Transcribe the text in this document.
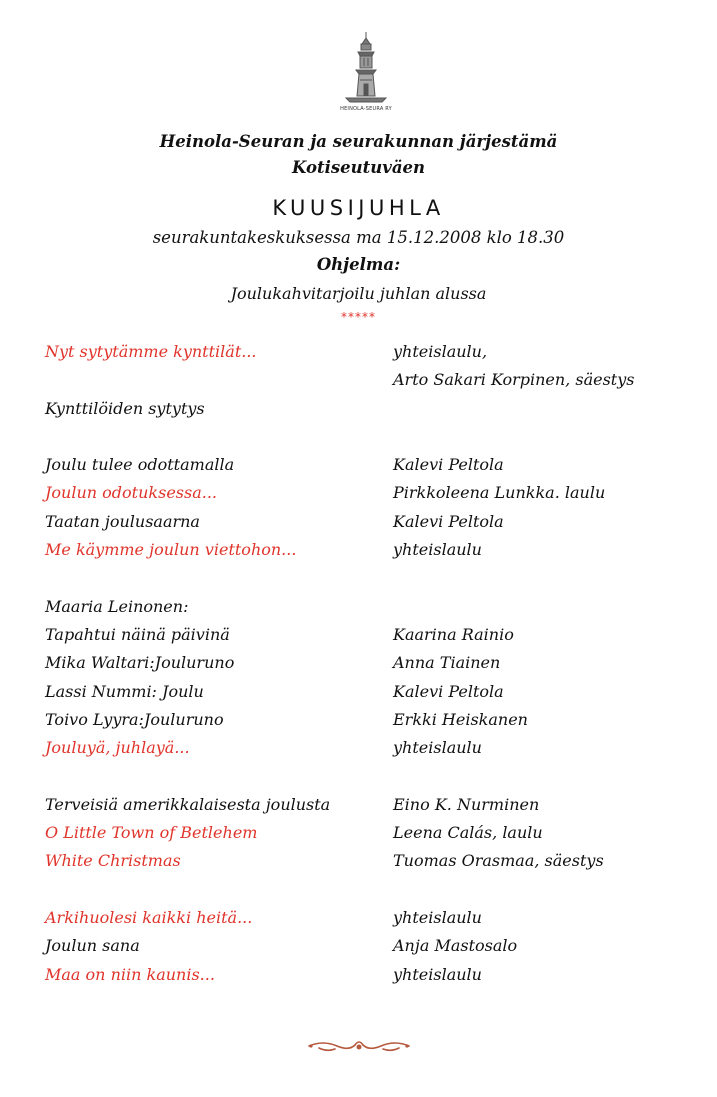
HEINOLA-SEURA RY
Heinola-Seuran ja seurakunnan järjestämä
Kotiseutuväen
KUUSIJUHLA
seurakuntakeskuksessa ma 15.12.2008 klo 18.30
Ohjelma:
Joulukahvitarjoilu juhlan alussa
*****
Nyt sytytämme kynttilät...	yhteislaulu,
Arto Sakari Korpinen, säestys
Kynttilöiden sytytys
Joulu tulee odottamalla	Kalevi Peltola
Joulun odotuksessa...	Pirkkoleena Lunkka. laulu
Taatan joulusaarna	Kalevi Peltola
Me käymme joulun viettohon...	yhteislaulu
Maaria Leinonen:
Tapahtui näinä päivinä	Kaarina Rainio
Mika Waltari:Jouluruno	Anna Tiainen
Lassi Nummi: Joulu	Kalevi Peltola
Toivo Lyyra:Jouluruno	Erkki Heiskanen
Jouluyä, juhlayä...	yhteislaulu
Terveisiä amerikkalaisesta joulusta	Eino K. Nurminen
O Little Town of Betlehem	Leena Calás, laulu
White Christmas	Tuomas Orasmaa, säestys
Arkihuolesi kaikki heitä...	yhteislaulu
Joulun sana	Anja Mastosalo
Maa on niin kaunis...	yhteislaulu
